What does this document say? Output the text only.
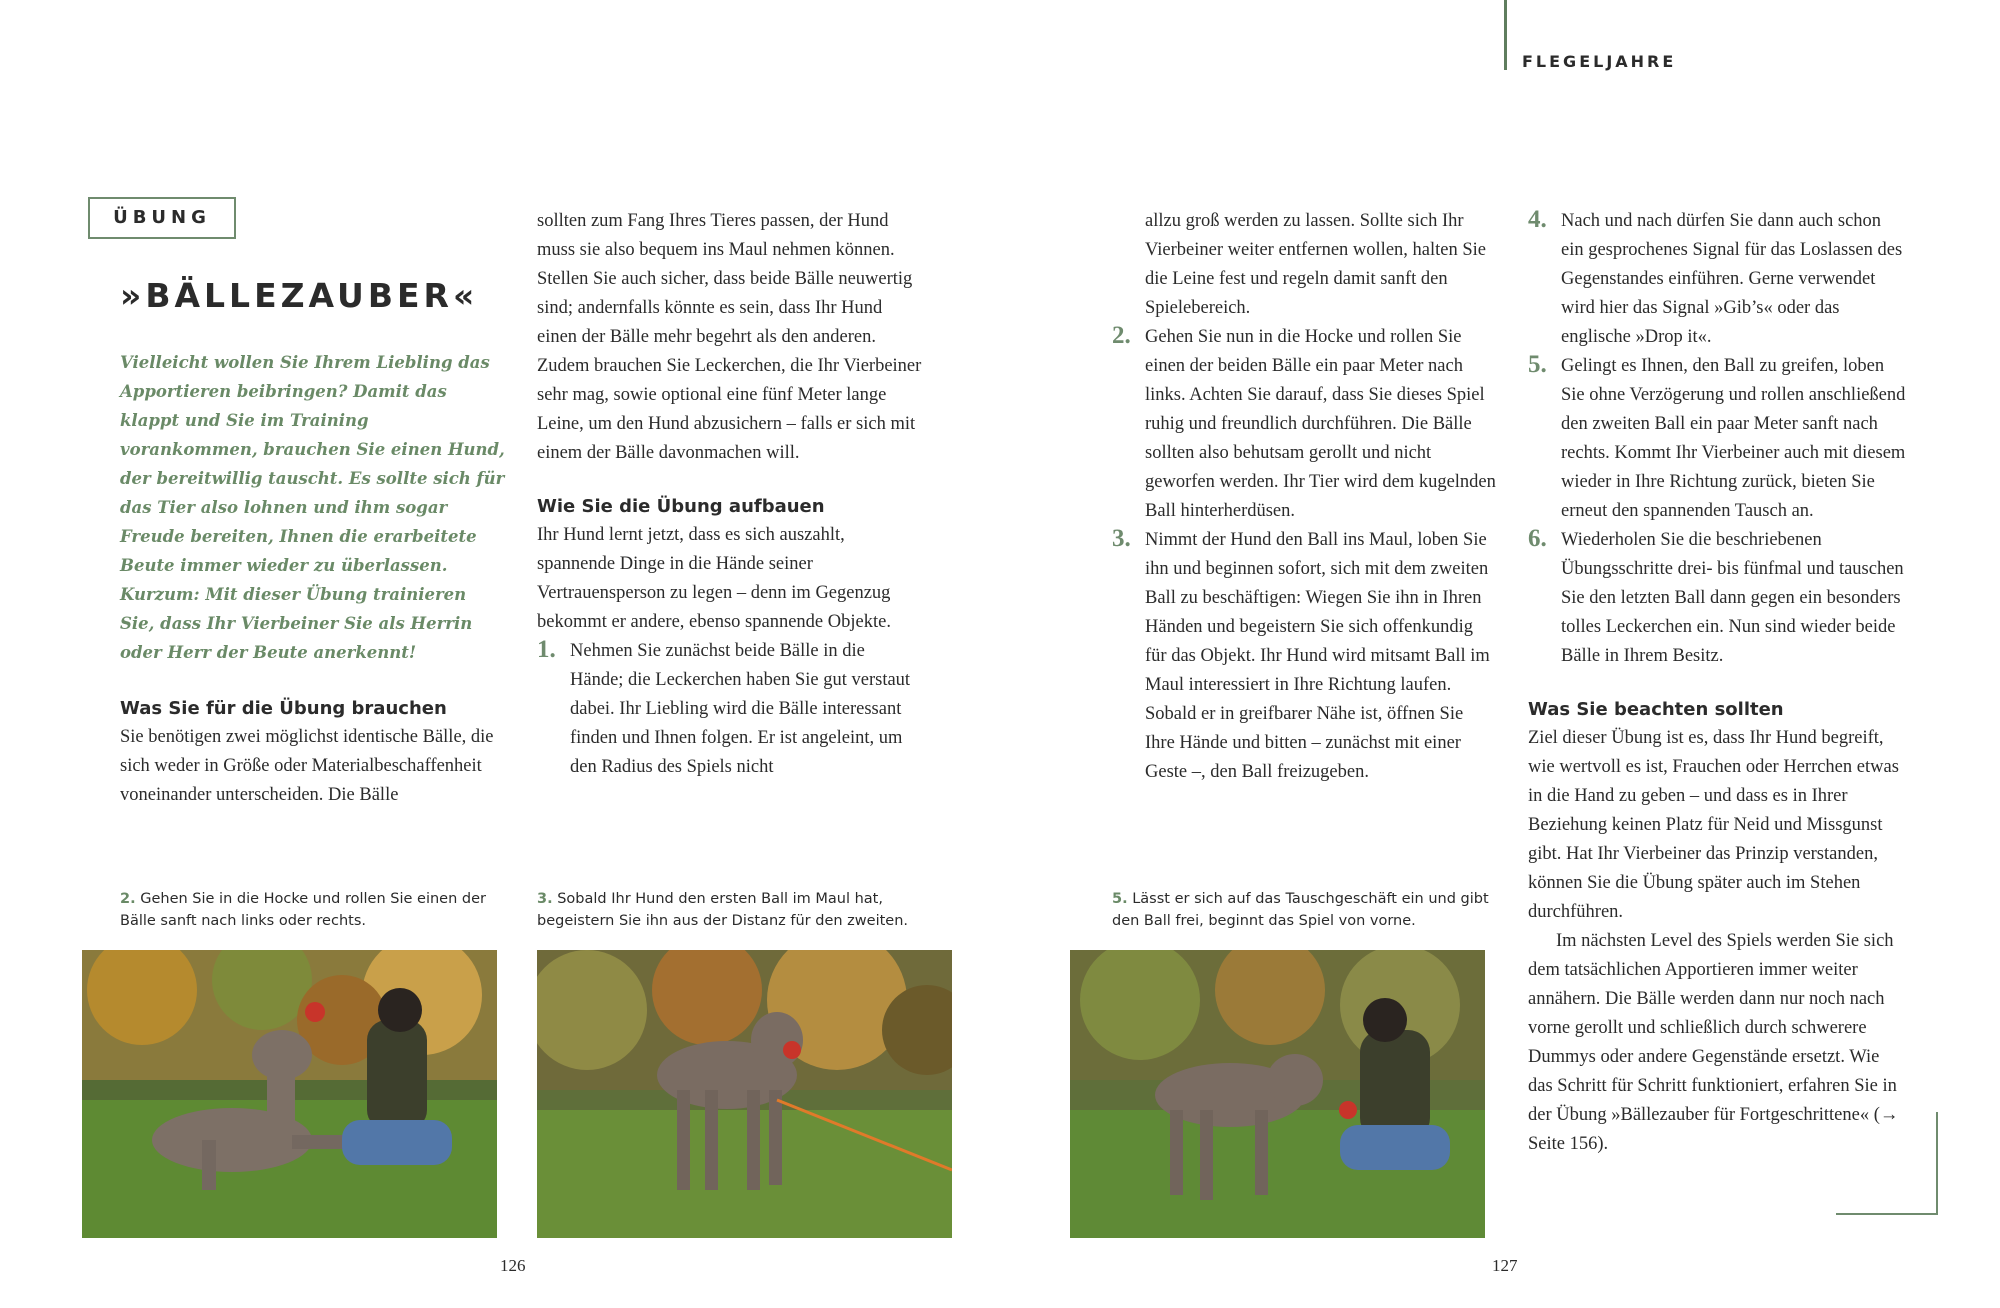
FLEGELJAHRE
ÜBUNG
»BÄLLEZAUBER«
Vielleicht wollen Sie Ihrem Liebling das Apportieren beibringen? Damit das klappt und Sie im Training vorankommen, brauchen Sie einen Hund, der bereitwillig tauscht. Es sollte sich für das Tier also lohnen und ihm sogar Freude bereiten, Ihnen die erarbeitete Beute immer wieder zu überlassen. Kurzum: Mit dieser Übung trainieren Sie, dass Ihr Vierbeiner Sie als Herrin oder Herr der Beute anerkennt!

Was Sie für die Übung brauchen

Sie benötigen zwei möglichst identische Bälle, die sich weder in Größe oder Materialbeschaffenheit voneinander unterscheiden. Die Bälle

sollten zum Fang Ihres Tieres passen, der Hund muss sie also bequem ins Maul nehmen können. Stellen Sie auch sicher, dass beide Bälle neuwertig sind; andernfalls könnte es sein, dass Ihr Hund einen der Bälle mehr begehrt als den anderen. Zudem brauchen Sie Leckerchen, die Ihr Vierbeiner sehr mag, sowie optional eine fünf Meter lange Leine, um den Hund abzusichern – falls er sich mit einem der Bälle davonmachen will.

Wie Sie die Übung aufbauen

Ihr Hund lernt jetzt, dass es sich auszahlt, spannende Dinge in die Hände seiner Vertrauensperson zu legen – denn im Gegenzug bekommt er andere, ebenso spannende Objekte.

1. Nehmen Sie zunächst beide Bälle in die Hände; die Leckerchen haben Sie gut verstaut dabei. Ihr Liebling wird die Bälle interessant finden und Ihnen folgen. Er ist angeleint, um den Radius des Spiels nicht

allzu groß werden zu lassen. Sollte sich Ihr Vierbeiner weiter entfernen wollen, halten Sie die Leine fest und regeln damit sanft den Spielebereich.

2. Gehen Sie nun in die Hocke und rollen Sie einen der beiden Bälle ein paar Meter nach links. Achten Sie darauf, dass Sie dieses Spiel ruhig und freundlich durchführen. Die Bälle sollten also behutsam gerollt und nicht geworfen werden. Ihr Tier wird dem kugelnden Ball hinterherdüsen.
3. Nimmt der Hund den Ball ins Maul, loben Sie ihn und beginnen sofort, sich mit dem zweiten Ball zu beschäftigen: Wiegen Sie ihn in Ihren Händen und begeistern Sie sich offenkundig für das Objekt. Ihr Hund wird mitsamt Ball im Maul interessiert in Ihre Richtung laufen. Sobald er in greifbarer Nähe ist, öffnen Sie Ihre Hände und bitten – zunächst mit einer Geste –, den Ball freizugeben.
4. Nach und nach dürfen Sie dann auch schon ein gesprochenes Signal für das Loslassen des Gegenstandes einführen. Gerne verwendet wird hier das Signal »Gib’s« oder das englische »Drop it«.
5. Gelingt es Ihnen, den Ball zu greifen, loben Sie ohne Verzögerung und rollen anschließend den zweiten Ball ein paar Meter sanft nach rechts. Kommt Ihr Vierbeiner auch mit diesem wieder in Ihre Richtung zurück, bieten Sie erneut den spannenden Tausch an.
6. Wiederholen Sie die beschriebenen Übungsschritte drei- bis fünfmal und tauschen Sie den letzten Ball dann gegen ein besonders tolles Leckerchen ein. Nun sind wieder beide Bälle in Ihrem Besitz.

Was Sie beachten sollten

Ziel dieser Übung ist es, dass Ihr Hund begreift, wie wertvoll es ist, Frauchen oder Herrchen etwas in die Hand zu geben – und dass es in Ihrer Beziehung keinen Platz für Neid und Missgunst gibt. Hat Ihr Vierbeiner das Prinzip verstanden, können Sie die Übung später auch im Stehen durchführen.

Im nächsten Level des Spiels werden Sie sich dem tatsächlichen Apportieren immer weiter annähern. Die Bälle werden dann nur noch nach vorne gerollt und schließlich durch schwerere Dummys oder andere Gegenstände ersetzt. Wie das Schritt für Schritt funktioniert, erfahren Sie in der Übung »Bällezauber für Fortgeschrittene« (→ Seite 156).

2. Gehen Sie in die Hocke und rollen Sie einen der Bälle sanft nach links oder rechts.
3. Sobald Ihr Hund den ersten Ball im Maul hat, begeistern Sie ihn aus der Distanz für den zweiten.
5. Lässt er sich auf das Tauschgeschäft ein und gibt den Ball frei, beginnt das Spiel von vorne.
126	127
